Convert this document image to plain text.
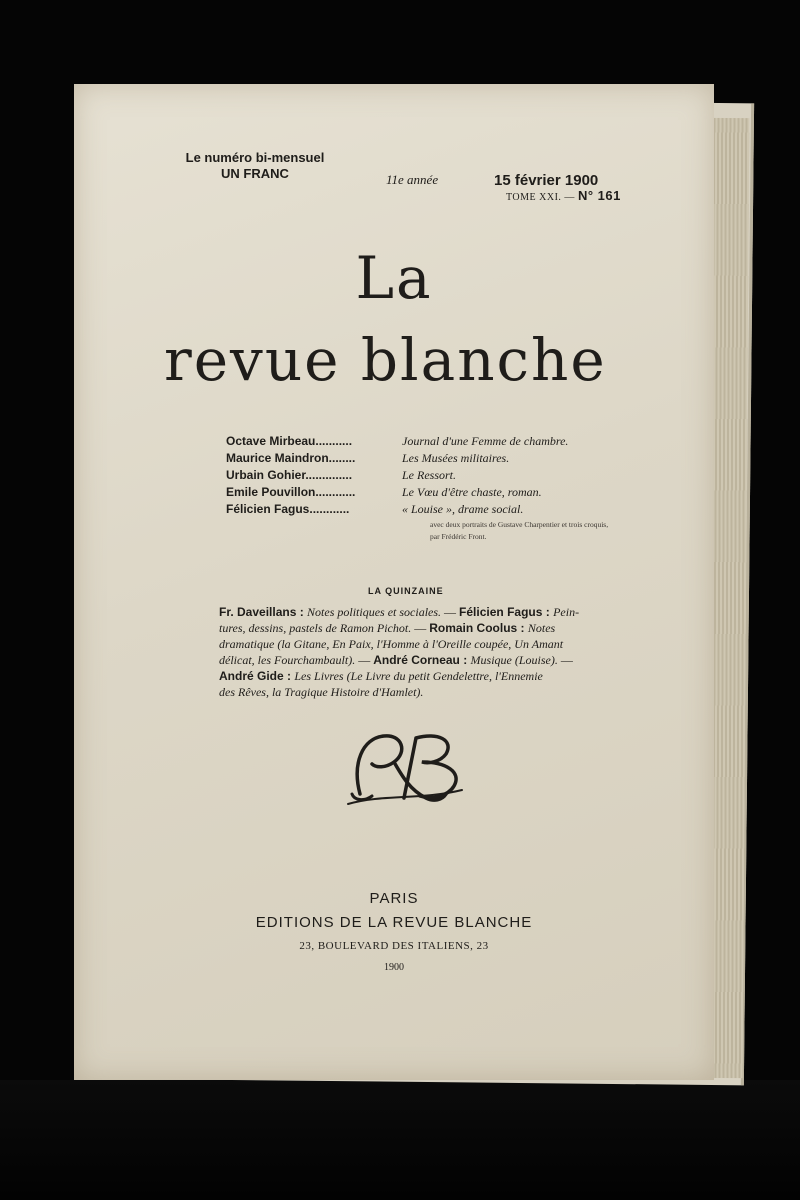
Le numéro bi-mensuel
UN FRANC	11e année	15 février 1900
TOME XXI. — N° 161
La
revue blanche
Octave Mirbeau...........	Journal d'une Femme de chambre.
Maurice Maindron........	Les Musées militaires.
Urbain Gohier..............	Le Ressort.
Emile Pouvillon............	Le Vœu d'être chaste, roman.
Félicien Fagus............	« Louise », drame social.
avec deux portraits de Gustave Charpentier et trois croquis, par Frédéric Front.
LA QUINZAINE
Fr. Daveillans : Notes politiques et sociales. — Félicien Fagus : Pein-
tures, dessins, pastels de Ramon Pichot. — Romain Coolus : Notes
dramatique (la Gitane, En Paix, l'Homme à l'Oreille coupée, Un Amant
délicat, les Fourchambault). — André Corneau : Musique (Louise). —
André Gide : Les Livres (Le Livre du petit Gendelettre, l'Ennemie
des Rêves, la Tragique Histoire d'Hamlet).
PARIS
EDITIONS DE LA REVUE BLANCHE
23, BOULEVARD DES ITALIENS, 23
1900
